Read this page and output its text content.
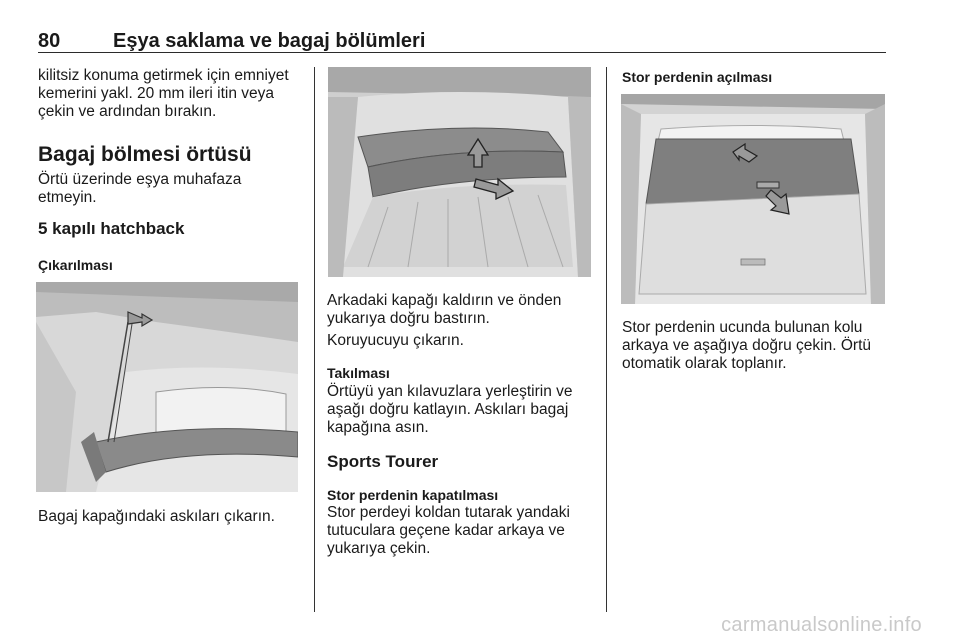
80	Eşya saklama ve bagaj bölümleri

kilitsiz konuma getirmek için emniyet

kemerini yakl. 20 mm ileri itin veya

çekin ve ardından bırakın.

Bagaj bölmesi örtüsü

Örtü üzerinde eşya muhafaza

etmeyin.

5 kapılı hatchback
Çıkarılması

Bagaj kapağındaki askıları çıkarın.

Arkadaki kapağı kaldırın ve önden

yukarıya doğru bastırın.

Koruyucuyu çıkarın.

Takılması

Örtüyü yan kılavuzlara yerleştirin ve

aşağı doğru katlayın. Askıları bagaj

kapağına asın.

Sports Tourer
Stor perdenin kapatılması

Stor perdeyi koldan tutarak yandaki

tutuculara geçene kadar arkaya ve

yukarıya çekin.

Stor perdenin açılması

Stor perdenin ucunda bulunan kolu

arkaya ve aşağıya doğru çekin. Örtü

otomatik olarak toplanır.

carmanualsonline.info
